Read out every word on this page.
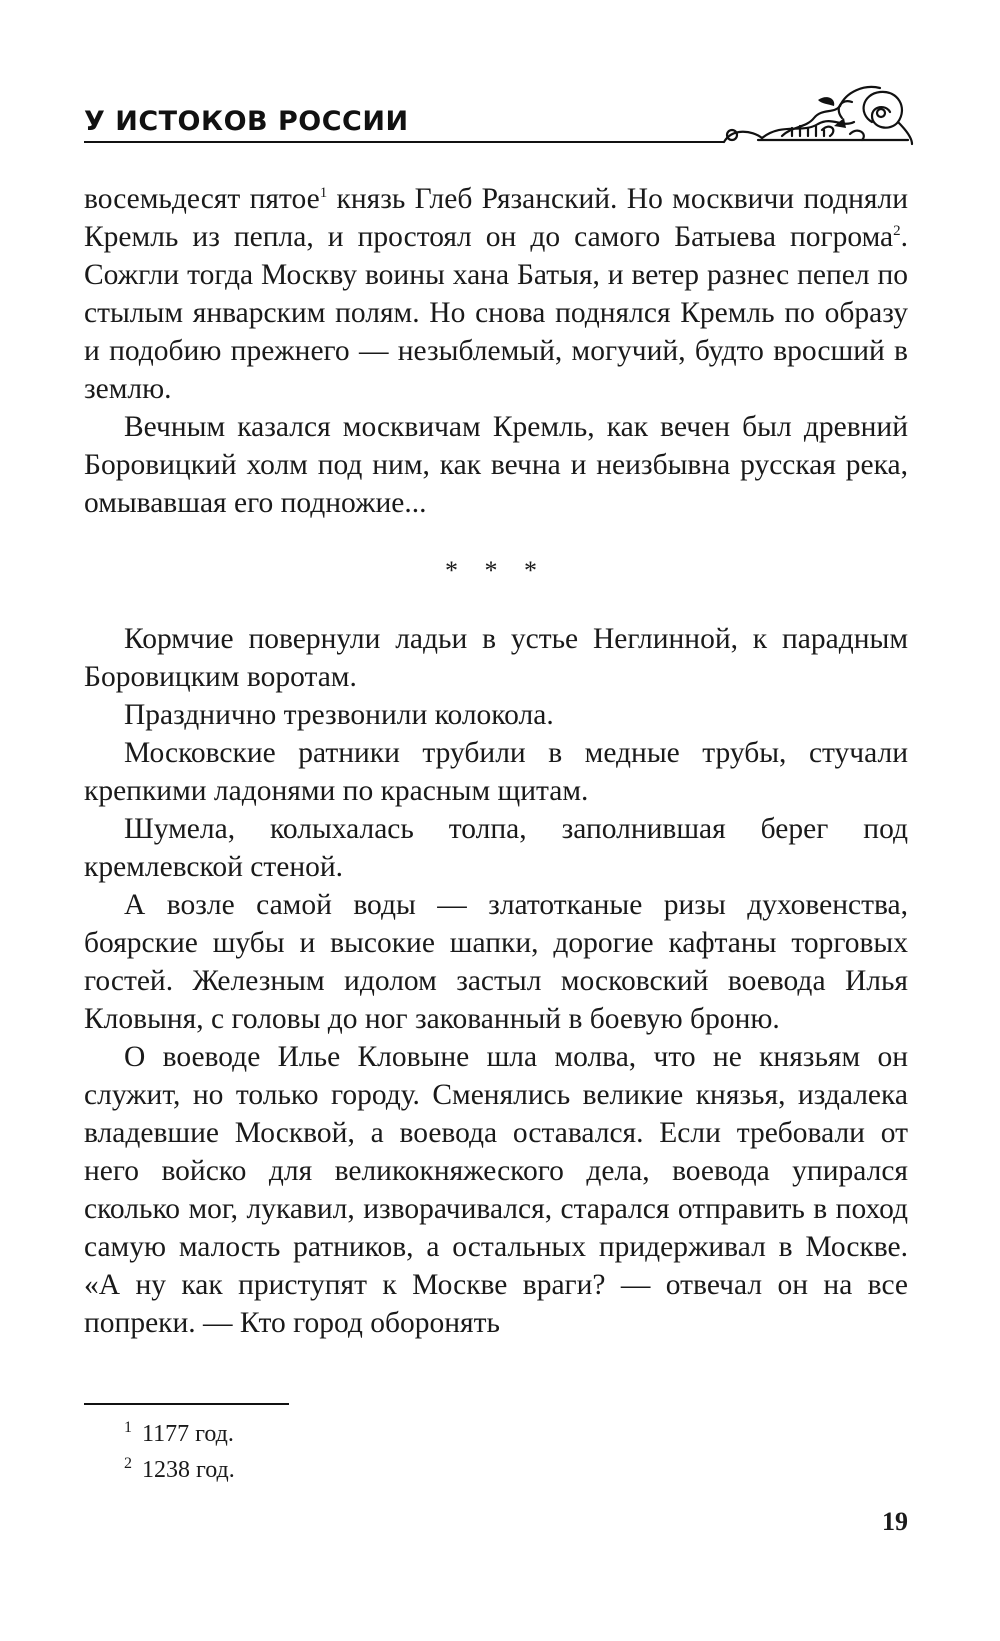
У ИСТОКОВ РОССИИ

восемьдесят пятое$^1$ князь Глеб Рязанский. Но москвичи подняли Кремль из пепла, и простоял он до самого Батыева погрома$^2$. Сожгли тогда Москву воины хана Батыя, и ветер разнес пепел по стылым январским полям. Но снова поднялся Кремль по образу и подобию прежнего — незыблемый, могучий, будто вросший в землю.

Вечным казался москвичам Кремль, как вечен был древний Боровицкий холм под ним, как вечна и неизбывна русская река, омывавшая его подножие...

* * *

Кормчие повернули ладьи в устье Неглинной, к парадным Боровицким воротам.

Празднично трезвонили колокола.

Московские ратники трубили в медные трубы, стучали крепкими ладонями по красным щитам.

Шумела, колыхалась толпа, заполнившая берег под кремлевской стеной.

А возле самой воды — златотканые ризы духовенства, боярские шубы и высокие шапки, дорогие кафтаны торговых гостей. Железным идолом застыл московский воевода Илья Кловыня, с головы до ног закованный в боевую броню.

О воеводе Илье Кловыне шла молва, что не князьям он служит, но только городу. Сменялись великие князья, издалека владевшие Москвой, а воевода оставался. Если требовали от него войско для великокняжеского дела, воевода упирался сколько мог, лукавил, изворачивался, старался отправить в поход самую малость ратников, а остальных придерживал в Москве. «А ну как приступят к Москве враги? — отвечал он на все попреки. — Кто город оборонять

$^1$ 1177 год.
$^2$ 1238 год.
19
